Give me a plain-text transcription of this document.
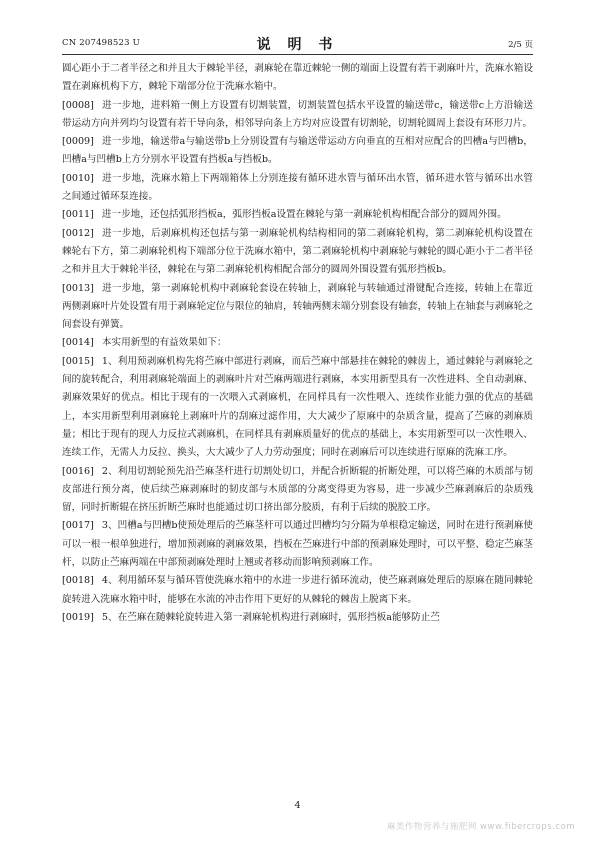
CN 207498523 U	说 明 书	2/5 页

圆心距小于二者半径之和并且大于棘轮半径，剥麻轮在靠近棘轮一侧的端面上设置有若干剥麻叶片，洗麻水箱设置在剥麻机构下方，棘轮下端部分位于洗麻水箱中。

[0008] 进一步地，进料箱一侧上方设置有切割装置，切割装置包括水平设置的输送带c，输送带c上方沿输送带运动方向并列均匀设置有若干导向条，相邻导向条上方均对应设置有切割轮，切割轮圆周上套设有环形刀片。

[0009] 进一步地，输送带a与输送带b上分别设置有与输送带运动方向垂直的互相对应配合的凹槽a与凹槽b，凹槽a与凹槽b上方分别水平设置有挡板a与挡板b。

[0010] 进一步地，洗麻水箱上下两端箱体上分别连接有循环进水管与循环出水管，循环进水管与循环出水管之间通过循环泵连接。

[0011] 进一步地，还包括弧形挡板a，弧形挡板a设置在棘轮与第一剥麻轮机构相配合部分的圆周外围。

[0012] 进一步地，后剥麻机构还包括与第一剥麻轮机构结构相同的第二剥麻轮机构，第二剥麻轮机构设置在棘轮右下方，第二剥麻轮机构下端部分位于洗麻水箱中，第二剥麻轮机构中剥麻轮与棘轮的圆心距小于二者半径之和并且大于棘轮半径，棘轮在与第二剥麻轮机构相配合部分的圆周外围设置有弧形挡板b。

[0013] 进一步地，第一剥麻轮机构中剥麻轮套设在转轴上，剥麻轮与转轴通过滑键配合连接，转轴上在靠近两侧剥麻叶片处设置有用于剥麻轮定位与限位的轴肩，转轴两侧末端分别套设有轴套，转轴上在轴套与剥麻轮之间套设有弹簧。

[0014] 本实用新型的有益效果如下：

[0015] 1、利用预剥麻机构先将苎麻中部进行剥麻，而后苎麻中部悬挂在棘轮的棘齿上，通过棘轮与剥麻轮之间的旋转配合，利用剥麻轮端面上的剥麻叶片对苎麻两端进行剥麻，本实用新型具有一次性进料、全自动剥麻、剥麻效果好的优点。相比于现有的一次喂入式剥麻机，在同样具有一次性喂入、连续作业能力强的优点的基础上，本实用新型利用剥麻轮上剥麻叶片的刮麻过滤作用，大大减少了原麻中的杂质含量，提高了苎麻的剥麻质量；相比于现有的现人力反拉式剥麻机，在同样具有剥麻质量好的优点的基础上，本实用新型可以一次性喂入、连续工作，无需人力反拉、换头，大大减少了人力劳动强度；同时在剥麻后可以连续进行原麻的洗麻工序。

[0016] 2、利用切割轮预先沿苎麻茎杆进行切割处切口，并配合折断辊的折断处理，可以将苎麻的木质部与韧皮部进行预分离，使后续苎麻剥麻时的韧皮部与木质部的分离变得更为容易，进一步减少苎麻剥麻后的杂质残留，同时折断辊在挤压折断苎麻时也能通过切口挤出部分胶质，有利于后续的脱胶工序。

[0017] 3、凹槽a与凹槽b使预处理后的苎麻茎杆可以通过凹槽均匀分隔为单根稳定输送，同时在进行预剥麻使可以一根一根单独进行，增加预剥麻的剥麻效果，挡板在苎麻进行中部的预剥麻处理时，可以平整、稳定苎麻茎杆，以防止苎麻两端在中部预剥麻处理时上翘或者移动而影响预剥麻工作。

[0018] 4、利用循环泵与循环管使洗麻水箱中的水进一步进行循环流动，使苎麻剥麻处理后的原麻在随同棘轮旋转进入洗麻水箱中时，能够在水流的冲击作用下更好的从棘轮的棘齿上脱离下来。

[0019] 5、在苎麻在随棘轮旋转进入第一剥麻轮机构进行剥麻时，弧形挡板a能够防止苎

4
麻类作物营养与施肥网 www.fibercrops.com
